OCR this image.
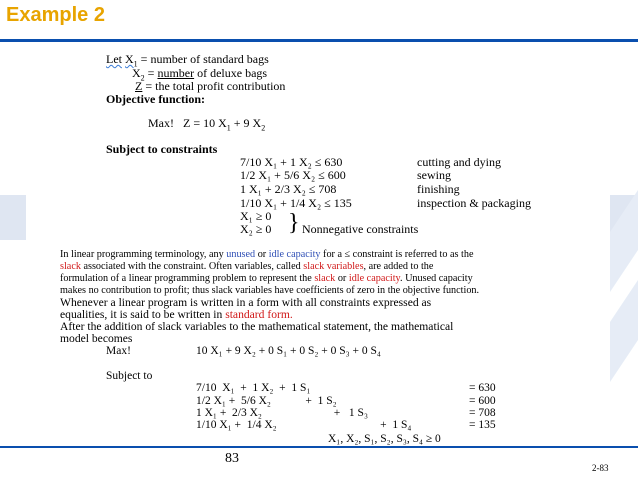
Example 2
Let $X_1$ = number of standard bags
$X_2$ = number of deluxe bags
Z = the total profit contribution
Objective function:
Max! Z = 10 $X_1 + 9$ $X_2$
Subject to constraints
7/10 X₁ + 1 X₂ ≤ 630	cutting and dying
1/2 X₁ + 5/6 X₂ ≤ 600	sewing
1 X₁ + 2/3 X₂ ≤ 708	finishing
1/10 X₁ + 1/4 X₂ ≤ 135	inspection & packaging
X₁ ≥ 0
X₂ ≥ 0 } Nonnegative constraints
In linear programming terminology, any unused or idle capacity for a ≤ constraint is referred to as the
slack associated with the constraint. Often variables, called slack variables, are added to the
formulation of a linear programming problem to represent the slack or idle capacity. Unused capacity
makes no contribution to profit; thus slack variables have coefficients of zero in the objective function.
Whenever a linear program is written in a form with all constraints expressed as
equalities, it is said to be written in standard form.
After the addition of slack variables to the mathematical statement, the mathematical
model becomes
Max!	10 X₁ + 9 X₂ + 0 S₁ + 0 S₂ + 0 S₃ + 0 S₄
Subject to
7/10  X₁  +  1 X₂  +  1 S₁	= 630
1/2 X₁ +  5/6 X₂            +  1 S₂	= 600
1 X₁ +  2/3 X₂                         +   1 S₃	= 708
1/10 X₁ +  1/4 X₂                                    +  1 S₄	= 135
X₁, X₂, S₁, S₂, S₃, S₄ ≥ 0
83
2-83
